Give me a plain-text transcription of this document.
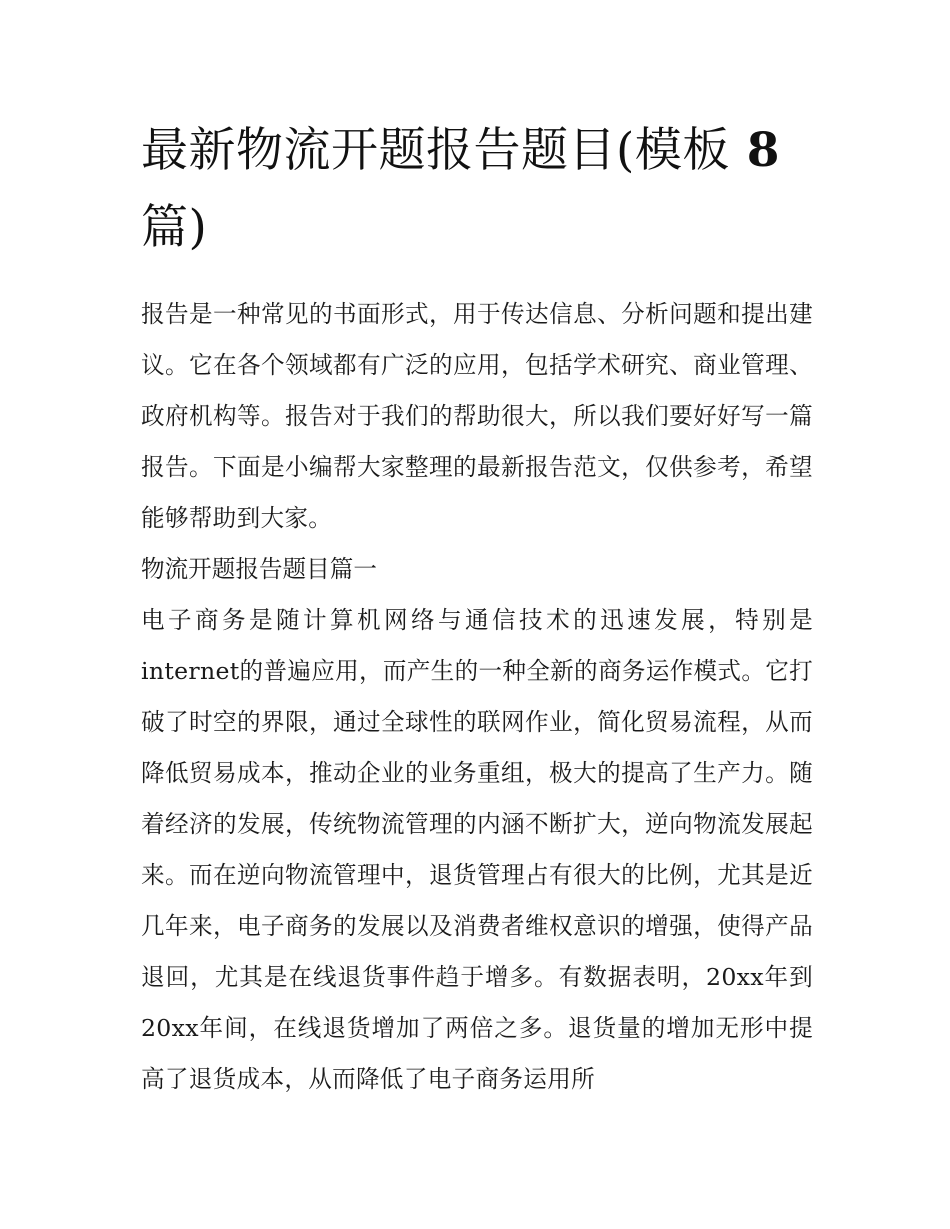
最新物流开题报告题目(模板 8
篇)

报告是一种常见的书面形式，用于传达信息、分析问题和提出建议。它在各个领域都有广泛的应用，包括学术研究、商业管理、政府机构等。报告对于我们的帮助很大，所以我们要好好写一篇报告。下面是小编帮大家整理的最新报告范文，仅供参考，希望能够帮助到大家。

物流开题报告题目篇一

电子商务是随计算机网络与通信技术的迅速发展，特别是internet的普遍应用，而产生的一种全新的商务运作模式。它打破了时空的界限，通过全球性的联网作业，简化贸易流程，从而降低贸易成本，推动企业的业务重组，极大的提高了生产力。随着经济的发展，传统物流管理的内涵不断扩大，逆向物流发展起来。而在逆向物流管理中，退货管理占有很大的比例，尤其是近几年来，电子商务的发展以及消费者维权意识的增强，使得产品退回，尤其是在线退货事件趋于增多。有数据表明，20xx年到20xx年间，在线退货增加了两倍之多。退货量的增加无形中提高了退货成本，从而降低了电子商务运用所
